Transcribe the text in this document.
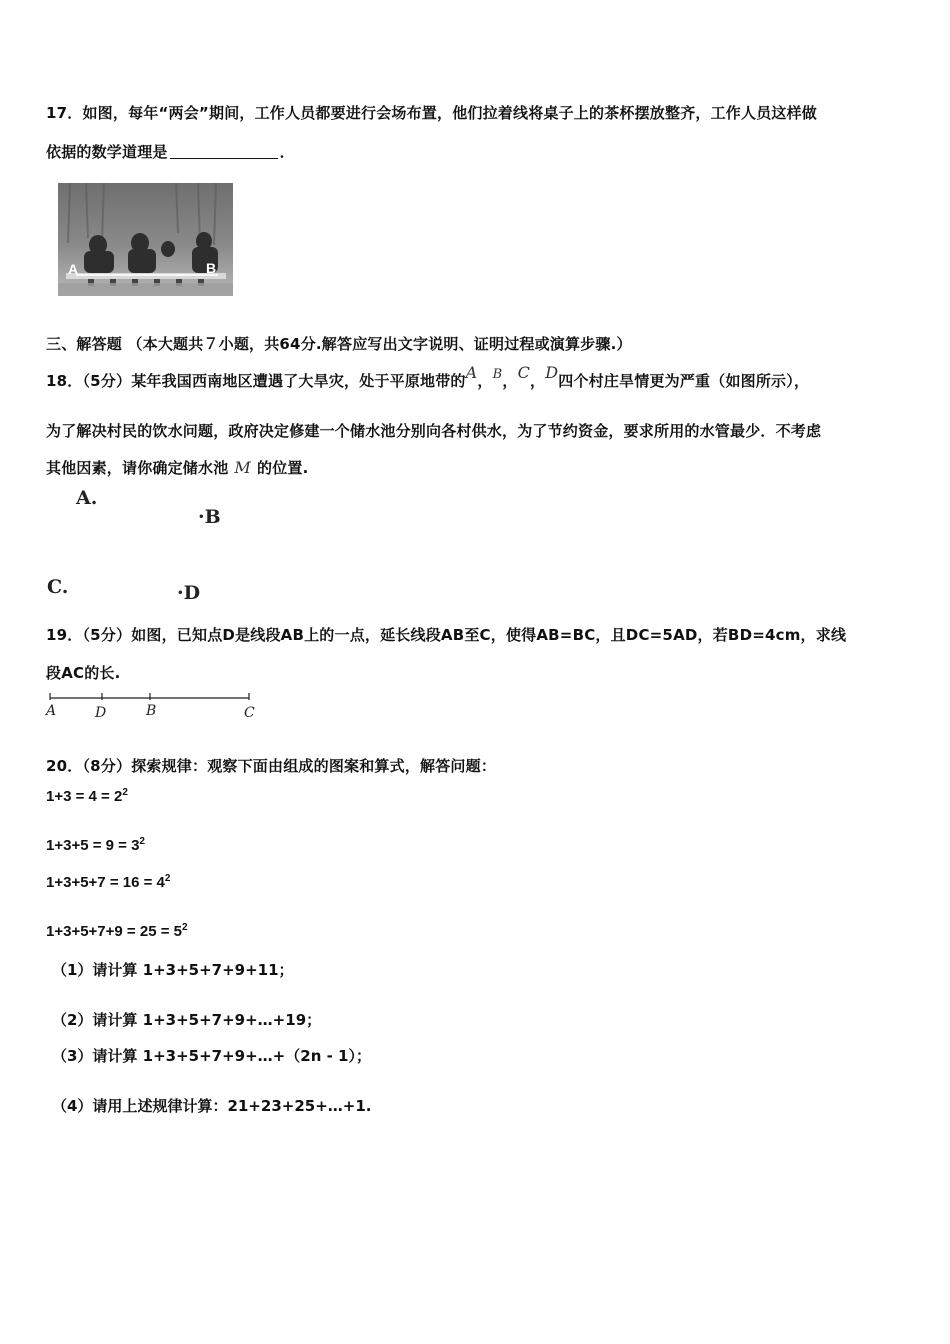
17．如图，每年“两会”期间，工作人员都要进行会场布置，他们拉着线将桌子上的茶杯摆放整齐，工作人员这样做
依据的数学道理是	．
A	B
三、解答题 （本大题共７小题，共64分.解答应写出文字说明、证明过程或演算步骤.）
18．（5分）某年我国西南地区遭遇了大旱灾，处于平原地带的A，B，C，D四个村庄旱情更为严重（如图所示），
为了解决村民的饮水问题，政府决定修建一个储水池分别向各村供水，为了节约资金，要求所用的水管最少．不考虑
其他因素，请你确定储水池 M 的位置.
A.
·B
C.	·D
19．（5分）如图，已知点D是线段AB上的一点，延长线段AB至C，使得AB=BC，且DC=5AD，若BD=4cm，求线
段AC的长.
A	D	B	C
20．（8分）探索规律：观察下面由组成的图案和算式，解答问题：
$1+3 = 4 = 2^2$
$1+3+5 = 9 = 3^2$
$1+3+5+7 = 16 = 4^2$
$1+3+5+7+9 = 25 = 5^2$
（1）请计算 1+3+5+7+9+11；
（2）请计算 1+3+5+7+9+…+19；
（3）请计算 1+3+5+7+9+…+（2n - 1）；
（4）请用上述规律计算：21+23+25+…+1.
